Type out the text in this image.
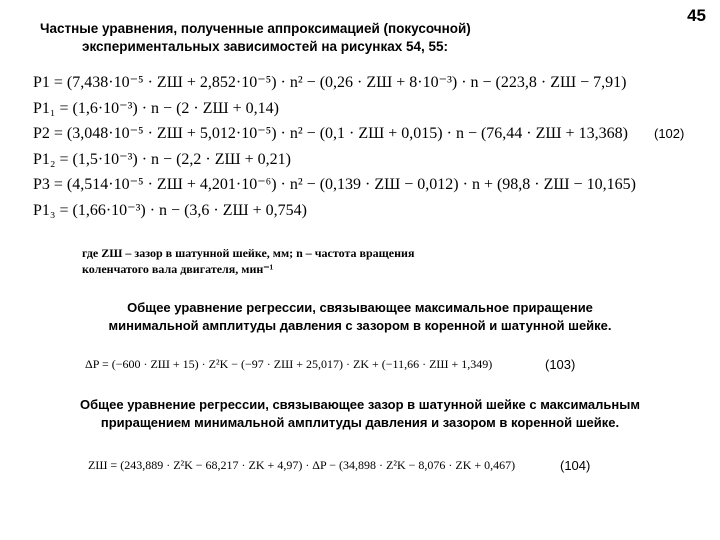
45
Частные уравнения, полученные аппроксимацией (покусочной)
экспериментальных зависимостей на рисунках 54, 55:
P1 = (7,438·10⁻⁵ · ZШ + 2,852·10⁻⁵) · n² − (0,26 · ZШ + 8·10⁻³) · n − (223,8 · ZШ − 7,91)
P1₁ = (1,6·10⁻³) · n − (2 · ZШ + 0,14)
P2 = (3,048·10⁻⁵ · ZШ + 5,012·10⁻⁵) · n² − (0,1 · ZШ + 0,015) · n − (76,44 · ZШ + 13,368)
P1₂ = (1,5·10⁻³) · n − (2,2 · ZШ + 0,21)
P3 = (4,514·10⁻⁵ · ZШ + 4,201·10⁻⁶) · n² − (0,139 · ZШ − 0,012) · n + (98,8 · ZШ − 10,165)
P1₃ = (1,66·10⁻³) · n − (3,6 · ZШ + 0,754)
(102)
где ZШ – зазор в шатунной шейке, мм; n – частота вращения
коленчатого вала двигателя, мин⁻¹
Общее уравнение регрессии, связывающее максимальное приращение
минимальной амплитуды давления с зазором в коренной и шатунной шейке.
ΔP = (−600 · ZШ + 15) · Z²K − (−97 · ZШ + 25,017) · ZK + (−11,66 · ZШ + 1,349)	(103)
Общее уравнение регрессии, связывающее зазор в шатунной шейке с максимальным
приращением минимальной амплитуды давления и зазором в коренной шейке.
ZШ = (243,889 · Z²K − 68,217 · ZK + 4,97) · ΔP − (34,898 · Z²K − 8,076 · ZK + 0,467)	(104)
